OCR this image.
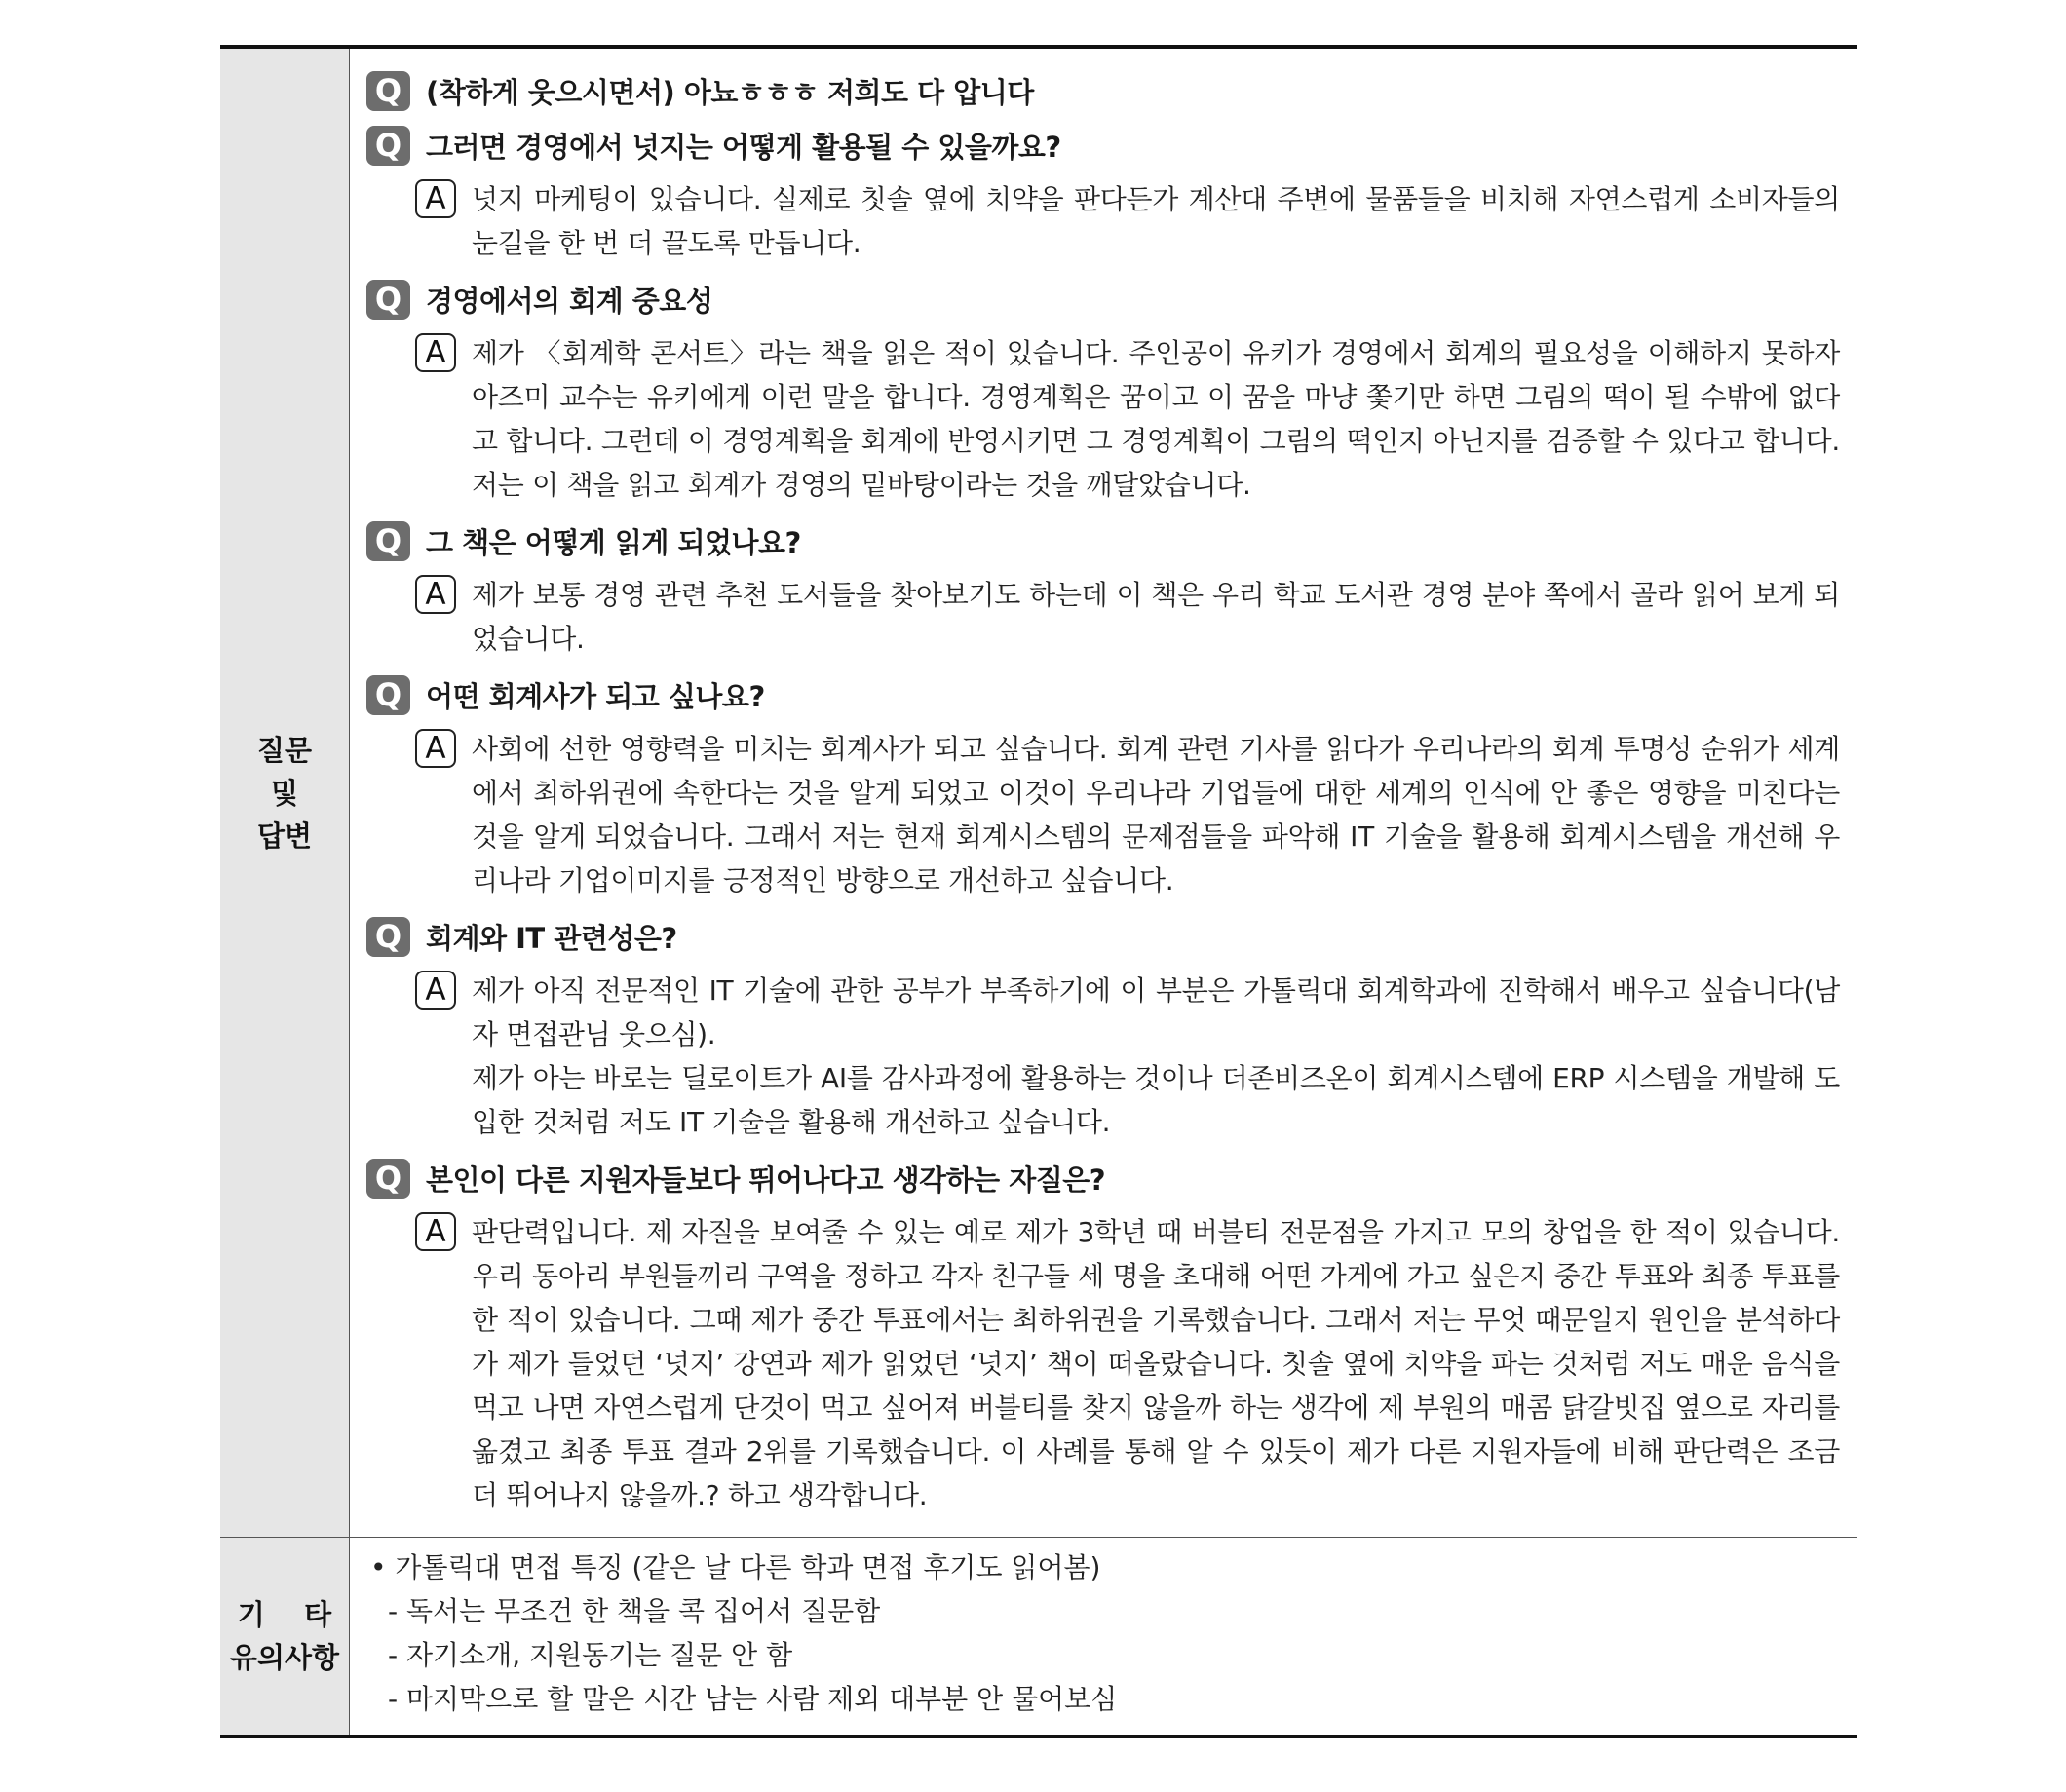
질문
및
답변
Q (착하게 웃으시면서) 아뇨ㅎㅎㅎ 저희도 다 압니다
Q 그러면 경영에서 넛지는 어떻게 활용될 수 있을까요?
A 넛지 마케팅이 있습니다. 실제로 칫솔 옆에 치약을 판다든가 계산대 주변에 물품들을 비치해 자연스럽게 소비자들의 눈길을 한 번 더 끌도록 만듭니다.
Q 경영에서의 회계 중요성
A 제가 〈회계학 콘서트〉라는 책을 읽은 적이 있습니다. 주인공이 유키가 경영에서 회계의 필요성을 이해하지 못하자 아즈미 교수는 유키에게 이런 말을 합니다. 경영계획은 꿈이고 이 꿈을 마냥 쫓기만 하면 그림의 떡이 될 수밖에 없다고 합니다. 그런데 이 경영계획을 회계에 반영시키면 그 경영계획이 그림의 떡인지 아닌지를 검증할 수 있다고 합니다. 저는 이 책을 읽고 회계가 경영의 밑바탕이라는 것을 깨달았습니다.
Q 그 책은 어떻게 읽게 되었나요?
A 제가 보통 경영 관련 추천 도서들을 찾아보기도 하는데 이 책은 우리 학교 도서관 경영 분야 쪽에서 골라 읽어 보게 되었습니다.
Q 어떤 회계사가 되고 싶나요?
A 사회에 선한 영향력을 미치는 회계사가 되고 싶습니다. 회계 관련 기사를 읽다가 우리나라의 회계 투명성 순위가 세계에서 최하위권에 속한다는 것을 알게 되었고 이것이 우리나라 기업들에 대한 세계의 인식에 안 좋은 영향을 미친다는 것을 알게 되었습니다. 그래서 저는 현재 회계시스템의 문제점들을 파악해 IT 기술을 활용해 회계시스템을 개선해 우리나라 기업이미지를 긍정적인 방향으로 개선하고 싶습니다.
Q 회계와 IT 관련성은?
A 제가 아직 전문적인 IT 기술에 관한 공부가 부족하기에 이 부분은 가톨릭대 회계학과에 진학해서 배우고 싶습니다(남자 면접관님 웃으심).
제가 아는 바로는 딜로이트가 AI를 감사과정에 활용하는 것이나 더존비즈온이 회계시스템에 ERP 시스템을 개발해 도입한 것처럼 저도 IT 기술을 활용해 개선하고 싶습니다.
Q 본인이 다른 지원자들보다 뛰어나다고 생각하는 자질은?
A 판단력입니다. 제 자질을 보여줄 수 있는 예로 제가 3학년 때 버블티 전문점을 가지고 모의 창업을 한 적이 있습니다. 우리 동아리 부원들끼리 구역을 정하고 각자 친구들 세 명을 초대해 어떤 가게에 가고 싶은지 중간 투표와 최종 투표를 한 적이 있습니다. 그때 제가 중간 투표에서는 최하위권을 기록했습니다. 그래서 저는 무엇 때문일지 원인을 분석하다가 제가 들었던 ‘넛지’ 강연과 제가 읽었던 ‘넛지’ 책이 떠올랐습니다. 칫솔 옆에 치약을 파는 것처럼 저도 매운 음식을 먹고 나면 자연스럽게 단것이 먹고 싶어져 버블티를 찾지 않을까 하는 생각에 제 부원의 매콤 닭갈빗집 옆으로 자리를 옮겼고 최종 투표 결과 2위를 기록했습니다. 이 사례를 통해 알 수 있듯이 제가 다른 지원자들에 비해 판단력은 조금 더 뛰어나지 않을까.? 하고 생각합니다.
기    타
유의사항
• 가톨릭대 면접 특징 (같은 날 다른 학과 면접 후기도 읽어봄)
- 독서는 무조건 한 책을 콕 집어서 질문함
- 자기소개, 지원동기는 질문 안 함
- 마지막으로 할 말은 시간 남는 사람 제외 대부분 안 물어보심
